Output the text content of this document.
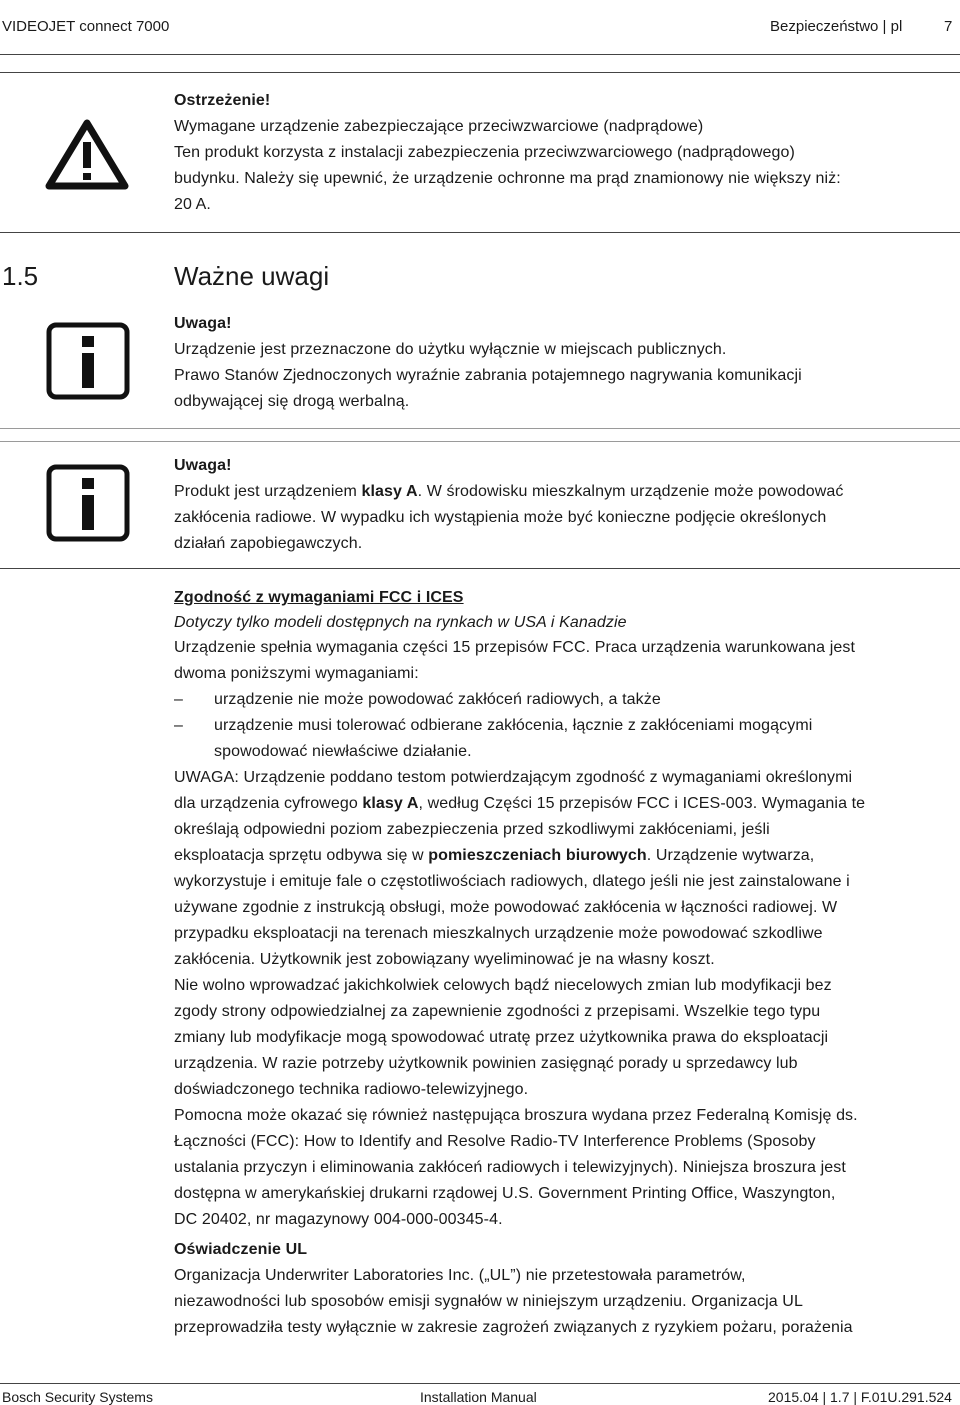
VIDEOJET connect 7000	Bezpieczeństwo | pl	7

Ostrzeżenie!

Wymagane urządzenie zabezpieczające przeciwzwarciowe (nadprądowe)

Ten produkt korzysta z instalacji zabezpieczenia przeciwzwarciowego (nadprądowego)

budynku. Należy się upewnić, że urządzenie ochronne ma prąd znamionowy nie większy niż:

20 A.

1.5	Ważne uwagi

Uwaga!

Urządzenie jest przeznaczone do użytku wyłącznie w miejscach publicznych.

Prawo Stanów Zjednoczonych wyraźnie zabrania potajemnego nagrywania komunikacji

odbywającej się drogą werbalną.

Uwaga!

Produkt jest urządzeniem klasy A. W środowisku mieszkalnym urządzenie może powodować

zakłócenia radiowe. W wypadku ich wystąpienia może być konieczne podjęcie określonych

działań zapobiegawczych.

Zgodność z wymaganiami FCC i ICES

Dotyczy tylko modeli dostępnych na rynkach w USA i Kanadzie

Urządzenie spełnia wymagania części 15 przepisów FCC. Praca urządzenia warunkowana jest

dwoma poniższymi wymaganiami:

–	urządzenie nie może powodować zakłóceń radiowych, a także
–	urządzenie musi tolerować odbierane zakłócenia, łącznie z zakłóceniami mogącymi
spowodować niewłaściwe działanie.

UWAGA: Urządzenie poddano testom potwierdzającym zgodność z wymaganiami określonymi

dla urządzenia cyfrowego klasy A, według Części 15 przepisów FCC i ICES-003. Wymagania te

określają odpowiedni poziom zabezpieczenia przed szkodliwymi zakłóceniami, jeśli

eksploatacja sprzętu odbywa się w pomieszczeniach biurowych. Urządzenie wytwarza,

wykorzystuje i emituje fale o częstotliwościach radiowych, dlatego jeśli nie jest zainstalowane i

używane zgodnie z instrukcją obsługi, może powodować zakłócenia w łączności radiowej. W

przypadku eksploatacji na terenach mieszkalnych urządzenie może powodować szkodliwe

zakłócenia. Użytkownik jest zobowiązany wyeliminować je na własny koszt.

Nie wolno wprowadzać jakichkolwiek celowych bądź niecelowych zmian lub modyfikacji bez

zgody strony odpowiedzialnej za zapewnienie zgodności z przepisami. Wszelkie tego typu

zmiany lub modyfikacje mogą spowodować utratę przez użytkownika prawa do eksploatacji

urządzenia. W razie potrzeby użytkownik powinien zasięgnąć porady u sprzedawcy lub

doświadczonego technika radiowo-telewizyjnego.

Pomocna może okazać się również następująca broszura wydana przez Federalną Komisję ds.

Łączności (FCC): How to Identify and Resolve Radio-TV Interference Problems (Sposoby

ustalania przyczyn i eliminowania zakłóceń radiowych i telewizyjnych). Niniejsza broszura jest

dostępna w amerykańskiej drukarni rządowej U.S. Government Printing Office, Waszyngton,

DC 20402, nr magazynowy 004-000-00345-4.

Oświadczenie UL

Organizacja Underwriter Laboratories Inc. („UL”) nie przetestowała parametrów,

niezawodności lub sposobów emisji sygnałów w niniejszym urządzeniu. Organizacja UL

przeprowadziła testy wyłącznie w zakresie zagrożeń związanych z ryzykiem pożaru, porażenia

Bosch Security Systems	Installation Manual	2015.04 | 1.7 | F.01U.291.524
